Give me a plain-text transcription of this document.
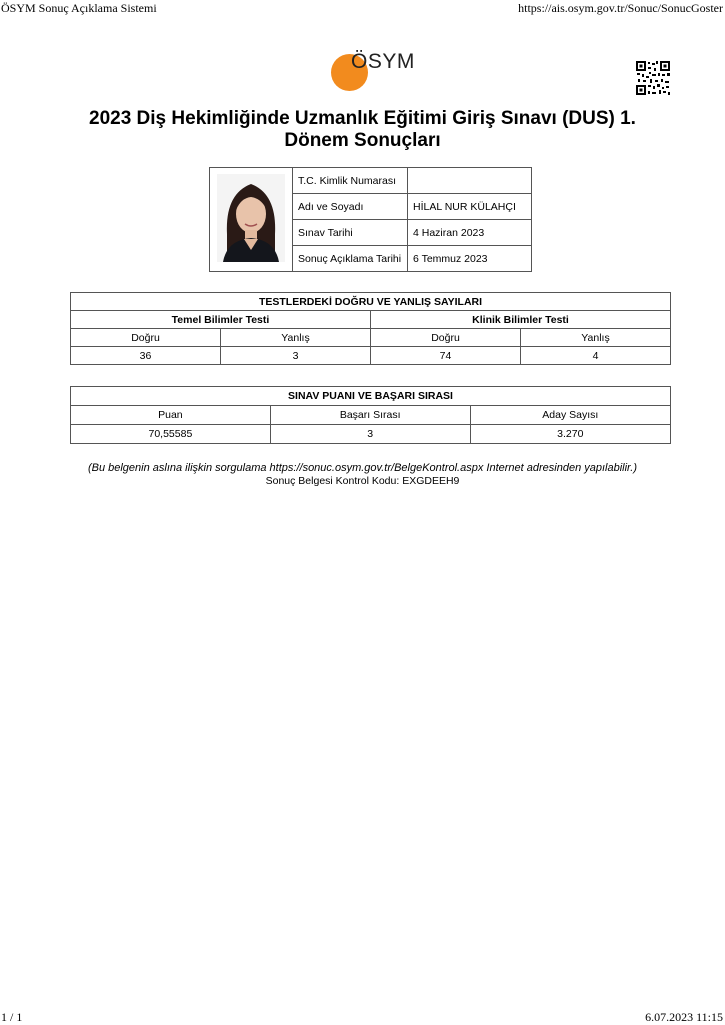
ÖSYM Sonuç Açıklama Sistemi	https://ais.osym.gov.tr/Sonuc/SonucGoster
ÖSYM
2023 Diş Hekimliğinde Uzmanlık Eğitimi Giriş Sınavı (DUS) 1. Dönem Sonuçları
	T.C. Kimlik Numarası	
	Adı ve Soyadı	HİLAL NUR KÜLAHÇI
	Sınav Tarihi	4 Haziran 2023
	Sonuç Açıklama Tarihi	6 Temmuz 2023
TESTLERDEKİ DOĞRU VE YANLIŞ SAYILARI			
Temel Bilimler Testi		Klinik Bilimler Testi	
Doğru	Yanlış	Doğru	Yanlış
36	3	74	4
SINAV PUANI VE BAŞARI SIRASI		
Puan	Başarı Sırası	Aday Sayısı
70,55585	3	3.270
(Bu belgenin aslına ilişkin sorgulama https://sonuc.osym.gov.tr/BelgeKontrol.aspx Internet adresinden yapılabilir.)
Sonuç Belgesi Kontrol Kodu: EXGDEEH9
1 / 1	6.07.2023 11:15
